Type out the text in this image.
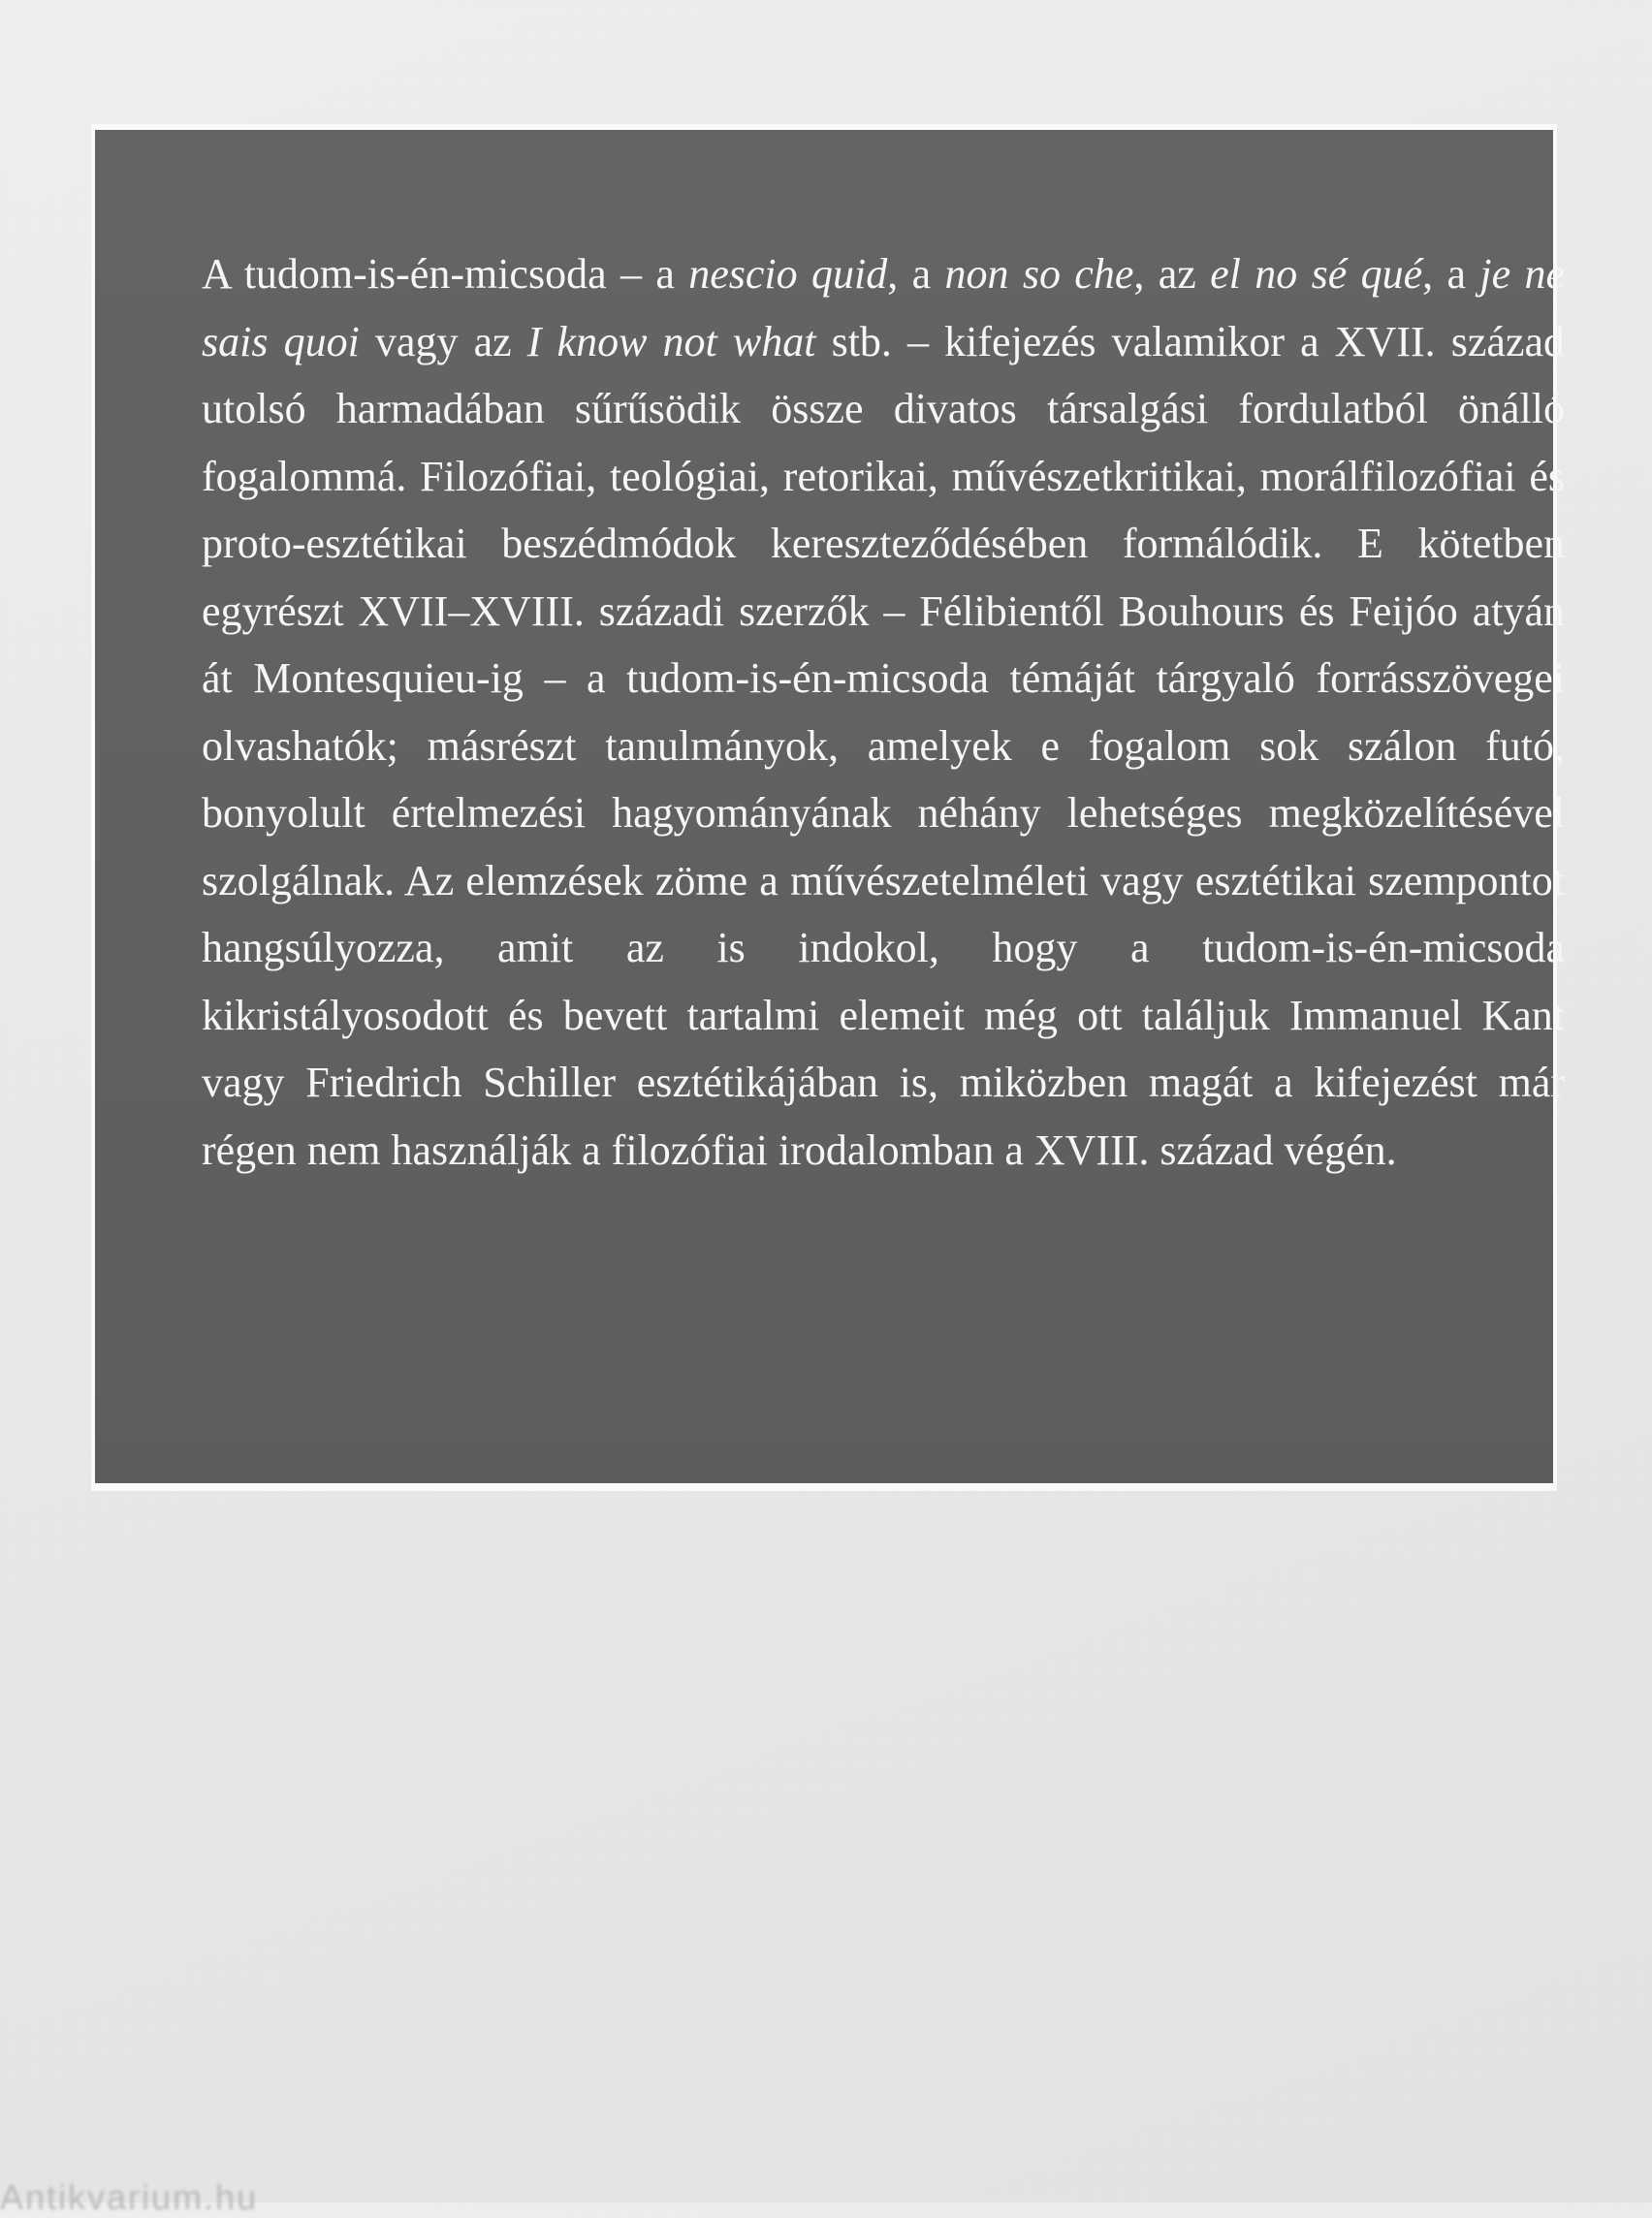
A tudom-is-én-micsoda – a nescio quid, a non so che, az el no sé qué, a je ne sais quoi vagy az I know not what stb. – kifejezés valamikor a XVII. század utolsó harmadában sűrűsödik össze divatos társalgási fordulatból önálló fogalommá. Filozófiai, teológiai, retorikai, művészetkritikai, morálfilozófiai és proto-esztétikai beszédmódok kereszteződésében formálódik. E kötetben egyrészt XVII–XVIII. századi szerzők – Félibientől Bouhours és Feijóo atyán át Montesquieu-ig – a tudom-is-én-micsoda témáját tárgyaló forrásszövegei olvashatók; másrészt tanulmányok, amelyek e fogalom sok szálon futó, bonyolult értelmezési hagyományának néhány lehetséges megközelítésével szolgálnak. Az elemzések zöme a művészetelméleti vagy esztétikai szempontot hangsúlyozza, amit az is indokol, hogy a tudom-is-én-micsoda kikristályosodott és bevett tartalmi elemeit még ott találjuk Immanuel Kant vagy Friedrich Schiller esztétikájában is, miközben magát a kifejezést már régen nem használják a filozófiai irodalomban a XVIII. század végén.

Antikvarium.hu
